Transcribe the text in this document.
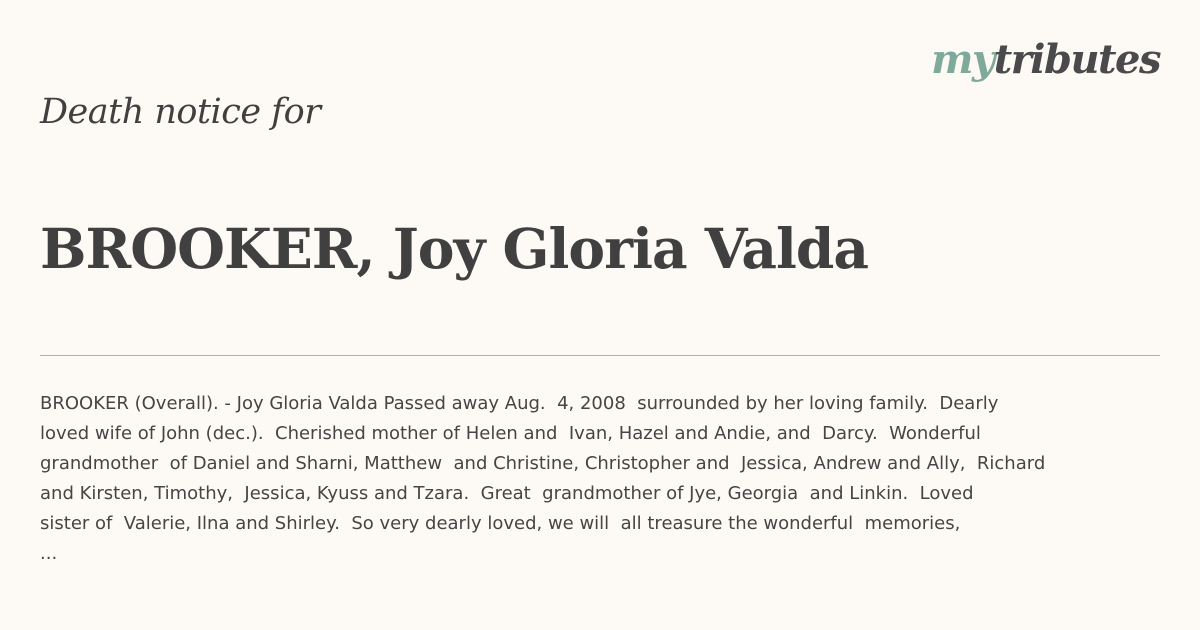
mytributes
Death notice for
BROOKER, Joy Gloria Valda
BROOKER (Overall). - Joy Gloria Valda Passed away Aug.  4, 2008  surrounded by her loving family.  Dearly
loved wife of John (dec.).  Cherished mother of Helen and  Ivan, Hazel and Andie, and  Darcy.  Wonderful
grandmother  of Daniel and Sharni, Matthew  and Christine, Christopher and  Jessica, Andrew and Ally,  Richard
and Kirsten, Timothy,  Jessica, Kyuss and Tzara.  Great  grandmother of Jye, Georgia  and Linkin.  Loved
sister of  Valerie, Ilna and Shirley.  So very dearly loved, we will  all treasure the wonderful  memories,
...
